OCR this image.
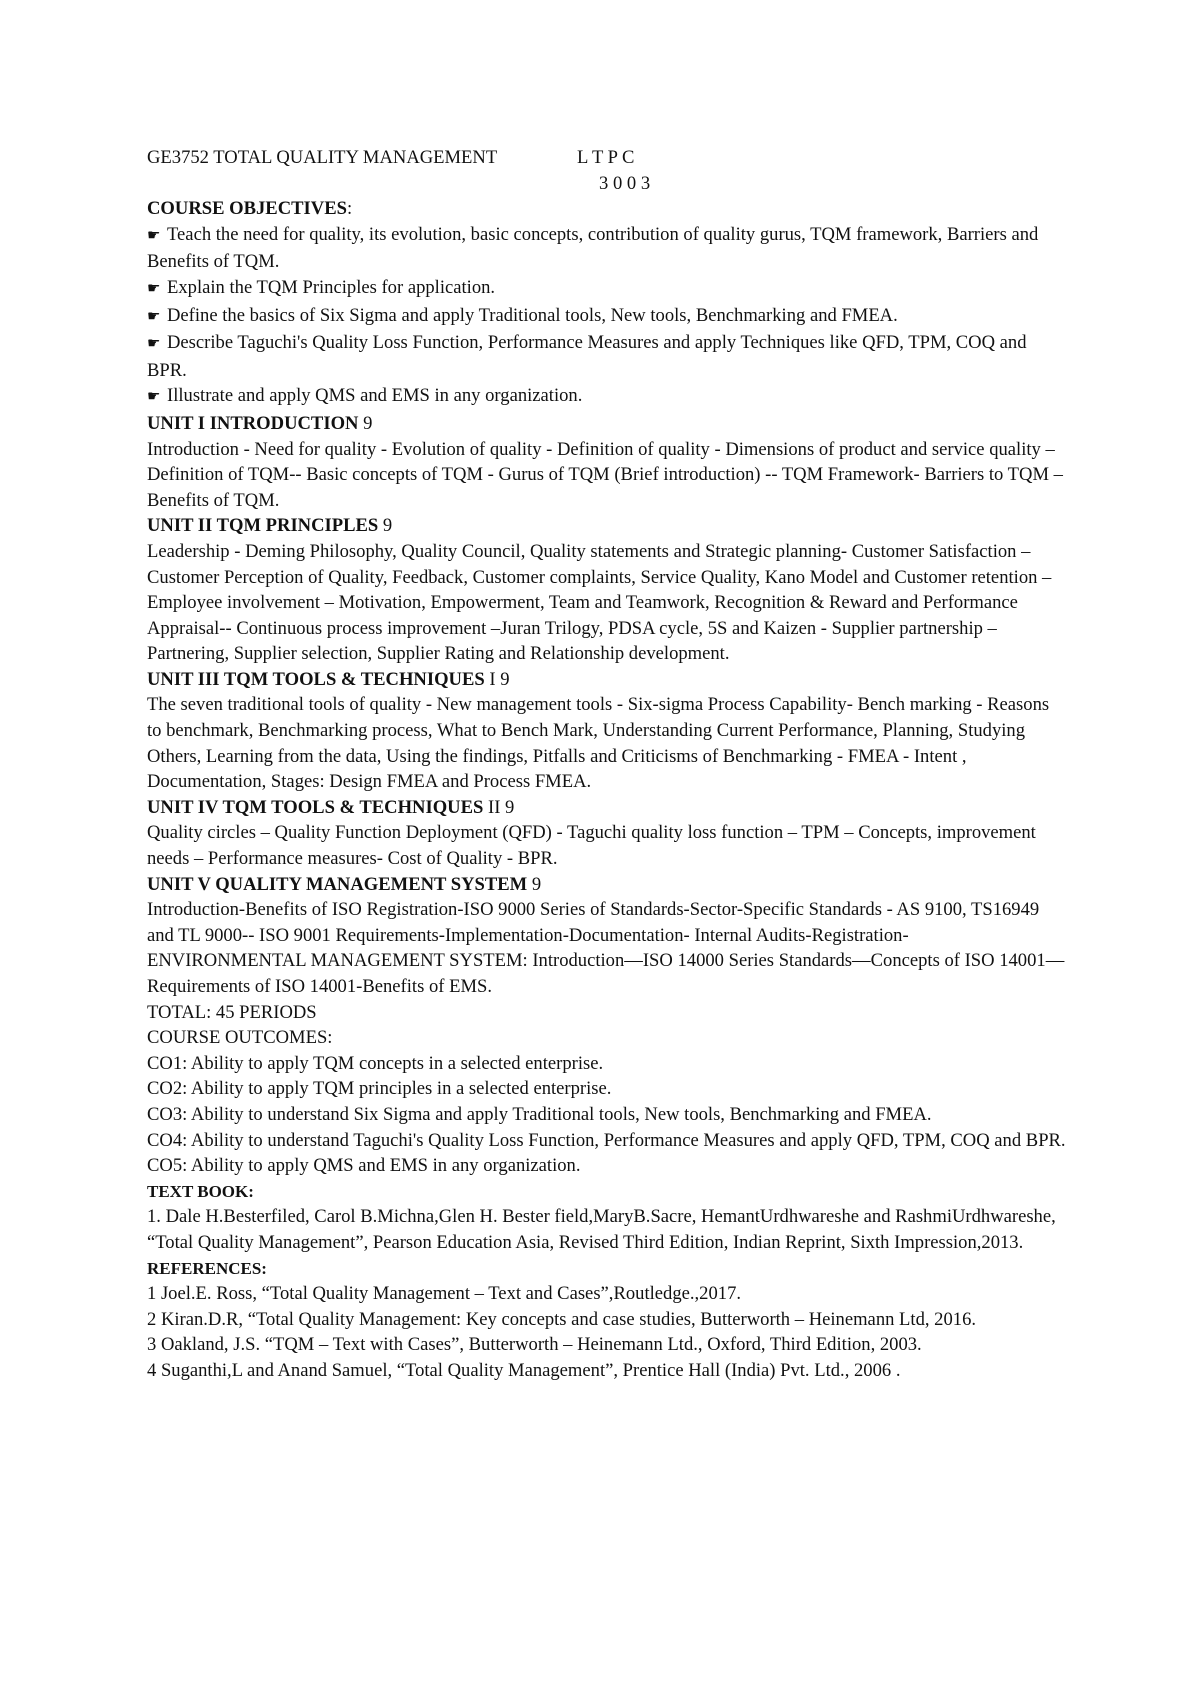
GE3752 TOTAL QUALITY MANAGEMENT	L T P C
3 0 0 3
COURSE OBJECTIVES:
☛ Teach the need for quality, its evolution, basic concepts, contribution of quality gurus, TQM framework, Barriers and Benefits of TQM.
☛ Explain the TQM Principles for application.
☛ Define the basics of Six Sigma and apply Traditional tools, New tools, Benchmarking and FMEA.
☛ Describe Taguchi's Quality Loss Function, Performance Measures and apply Techniques like QFD, TPM, COQ and BPR.
☛ Illustrate and apply QMS and EMS in any organization.
UNIT I INTRODUCTION 9
Introduction - Need for quality - Evolution of quality - Definition of quality - Dimensions of product and service quality –Definition of TQM-- Basic concepts of TQM - Gurus of TQM (Brief introduction) -- TQM Framework- Barriers to TQM –Benefits of TQM.
UNIT II TQM PRINCIPLES 9
Leadership - Deming Philosophy, Quality Council, Quality statements and Strategic planning- Customer Satisfaction –Customer Perception of Quality, Feedback, Customer complaints, Service Quality, Kano Model and Customer retention – Employee involvement – Motivation, Empowerment, Team and Teamwork, Recognition & Reward and Performance Appraisal-- Continuous process improvement –Juran Trilogy, PDSA cycle, 5S and Kaizen - Supplier partnership – Partnering, Supplier selection, Supplier Rating and Relationship development.
UNIT III TQM TOOLS & TECHNIQUES I 9
The seven traditional tools of quality - New management tools - Six-sigma Process Capability- Bench marking - Reasons to benchmark, Benchmarking process, What to Bench Mark, Understanding Current Performance, Planning, Studying Others, Learning from the data, Using the findings, Pitfalls and Criticisms of Benchmarking - FMEA - Intent , Documentation, Stages: Design FMEA and Process FMEA.
UNIT IV TQM TOOLS & TECHNIQUES II 9
Quality circles – Quality Function Deployment (QFD) - Taguchi quality loss function – TPM – Concepts, improvement needs – Performance measures- Cost of Quality - BPR.
UNIT V QUALITY MANAGEMENT SYSTEM 9
Introduction-Benefits of ISO Registration-ISO 9000 Series of Standards-Sector-Specific Standards - AS 9100, TS16949 and TL 9000-- ISO 9001 Requirements-Implementation-Documentation- Internal Audits-Registration-ENVIRONMENTAL MANAGEMENT SYSTEM: Introduction—ISO 14000 Series Standards—Concepts of ISO 14001—Requirements of ISO 14001-Benefits of EMS.
TOTAL: 45 PERIODS
COURSE OUTCOMES:
CO1: Ability to apply TQM concepts in a selected enterprise.
CO2: Ability to apply TQM principles in a selected enterprise.
CO3: Ability to understand Six Sigma and apply Traditional tools, New tools, Benchmarking and FMEA.
CO4: Ability to understand Taguchi's Quality Loss Function, Performance Measures and apply QFD, TPM, COQ and BPR.
CO5: Ability to apply QMS and EMS in any organization.
TEXT BOOK:
1. Dale H.Besterfiled, Carol B.Michna,Glen H. Bester field,MaryB.Sacre, HemantUrdhwareshe and RashmiUrdhwareshe, “Total Quality Management”, Pearson Education Asia, Revised Third Edition, Indian Reprint, Sixth Impression,2013.
REFERENCES:
1 Joel.E. Ross, “Total Quality Management – Text and Cases”,Routledge.,2017.
2 Kiran.D.R, “Total Quality Management: Key concepts and case studies, Butterworth – Heinemann Ltd, 2016.
3 Oakland, J.S. “TQM – Text with Cases”, Butterworth – Heinemann Ltd., Oxford, Third Edition, 2003.
4 Suganthi,L and Anand Samuel, “Total Quality Management”, Prentice Hall (India) Pvt. Ltd., 2006 .
